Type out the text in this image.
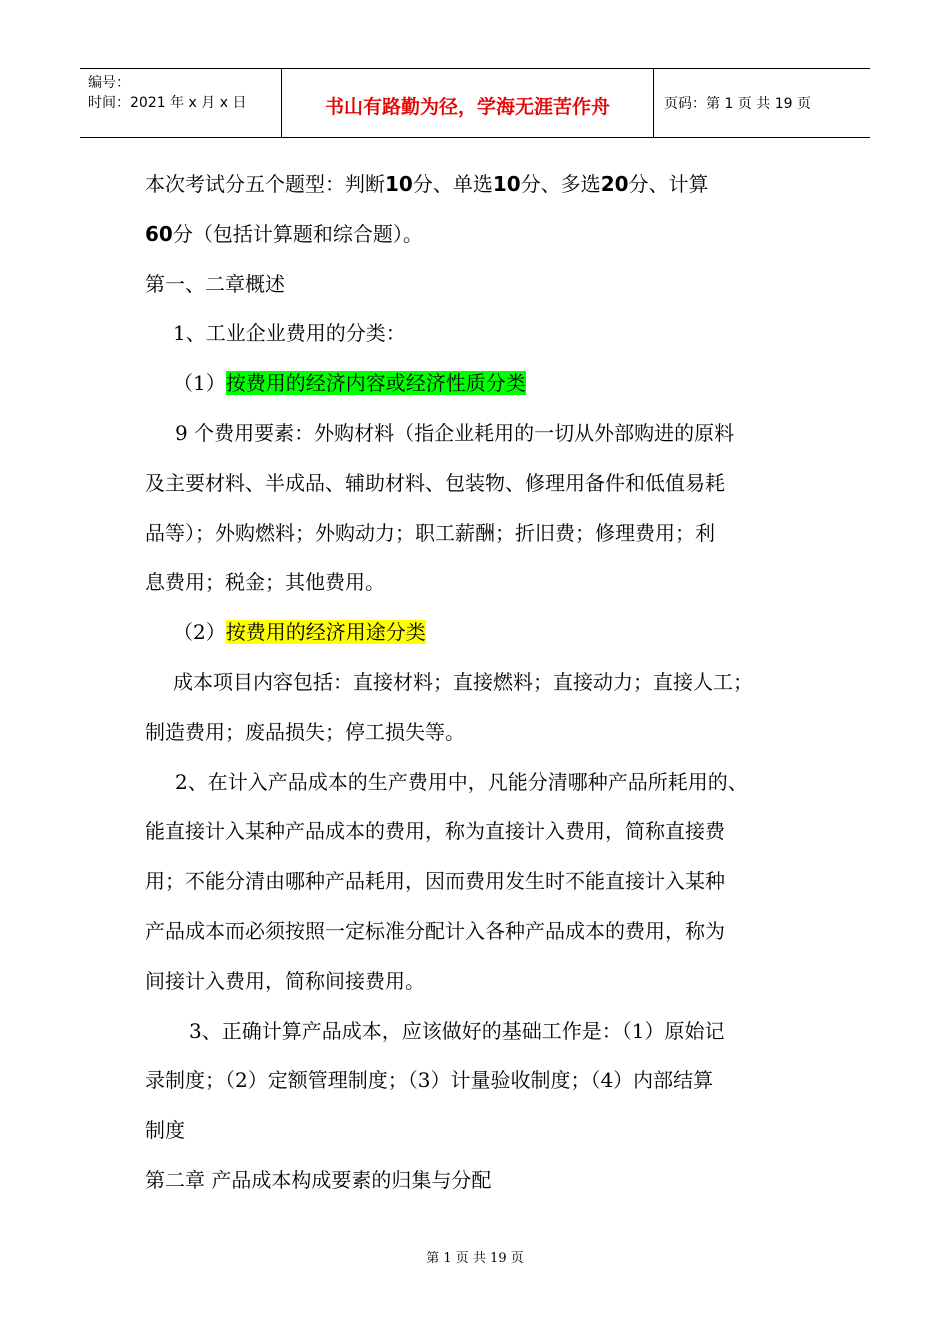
编号：
时间：2021 年 x 月 x 日	书山有路勤为径，学海无涯苦作舟	页码：第 1 页 共 19 页
本次考试分五个题型：判断10分、单选10分、多选20分、计算
60分（包括计算题和综合题）。
第一、二章概述
1、工业企业费用的分类：
（1）按费用的经济内容或经济性质分类
9 个费用要素：外购材料（指企业耗用的一切从外部购进的原料
及主要材料、半成品、辅助材料、包装物、修理用备件和低值易耗
品等）；外购燃料；外购动力；职工薪酬；折旧费；修理费用；利
息费用；税金；其他费用。
（2）按费用的经济用途分类
成本项目内容包括：直接材料；直接燃料；直接动力；直接人工；
制造费用；废品损失；停工损失等。
2、在计入产品成本的生产费用中，凡能分清哪种产品所耗用的、
能直接计入某种产品成本的费用，称为直接计入费用，简称直接费
用；不能分清由哪种产品耗用，因而费用发生时不能直接计入某种
产品成本而必须按照一定标准分配计入各种产品成本的费用，称为
间接计入费用，简称间接费用。
3、正确计算产品成本，应该做好的基础工作是：（1）原始记
录制度；（2）定额管理制度；（3）计量验收制度；（4）内部结算
制度
第二章 产品成本构成要素的归集与分配
第 1 页 共 19 页
